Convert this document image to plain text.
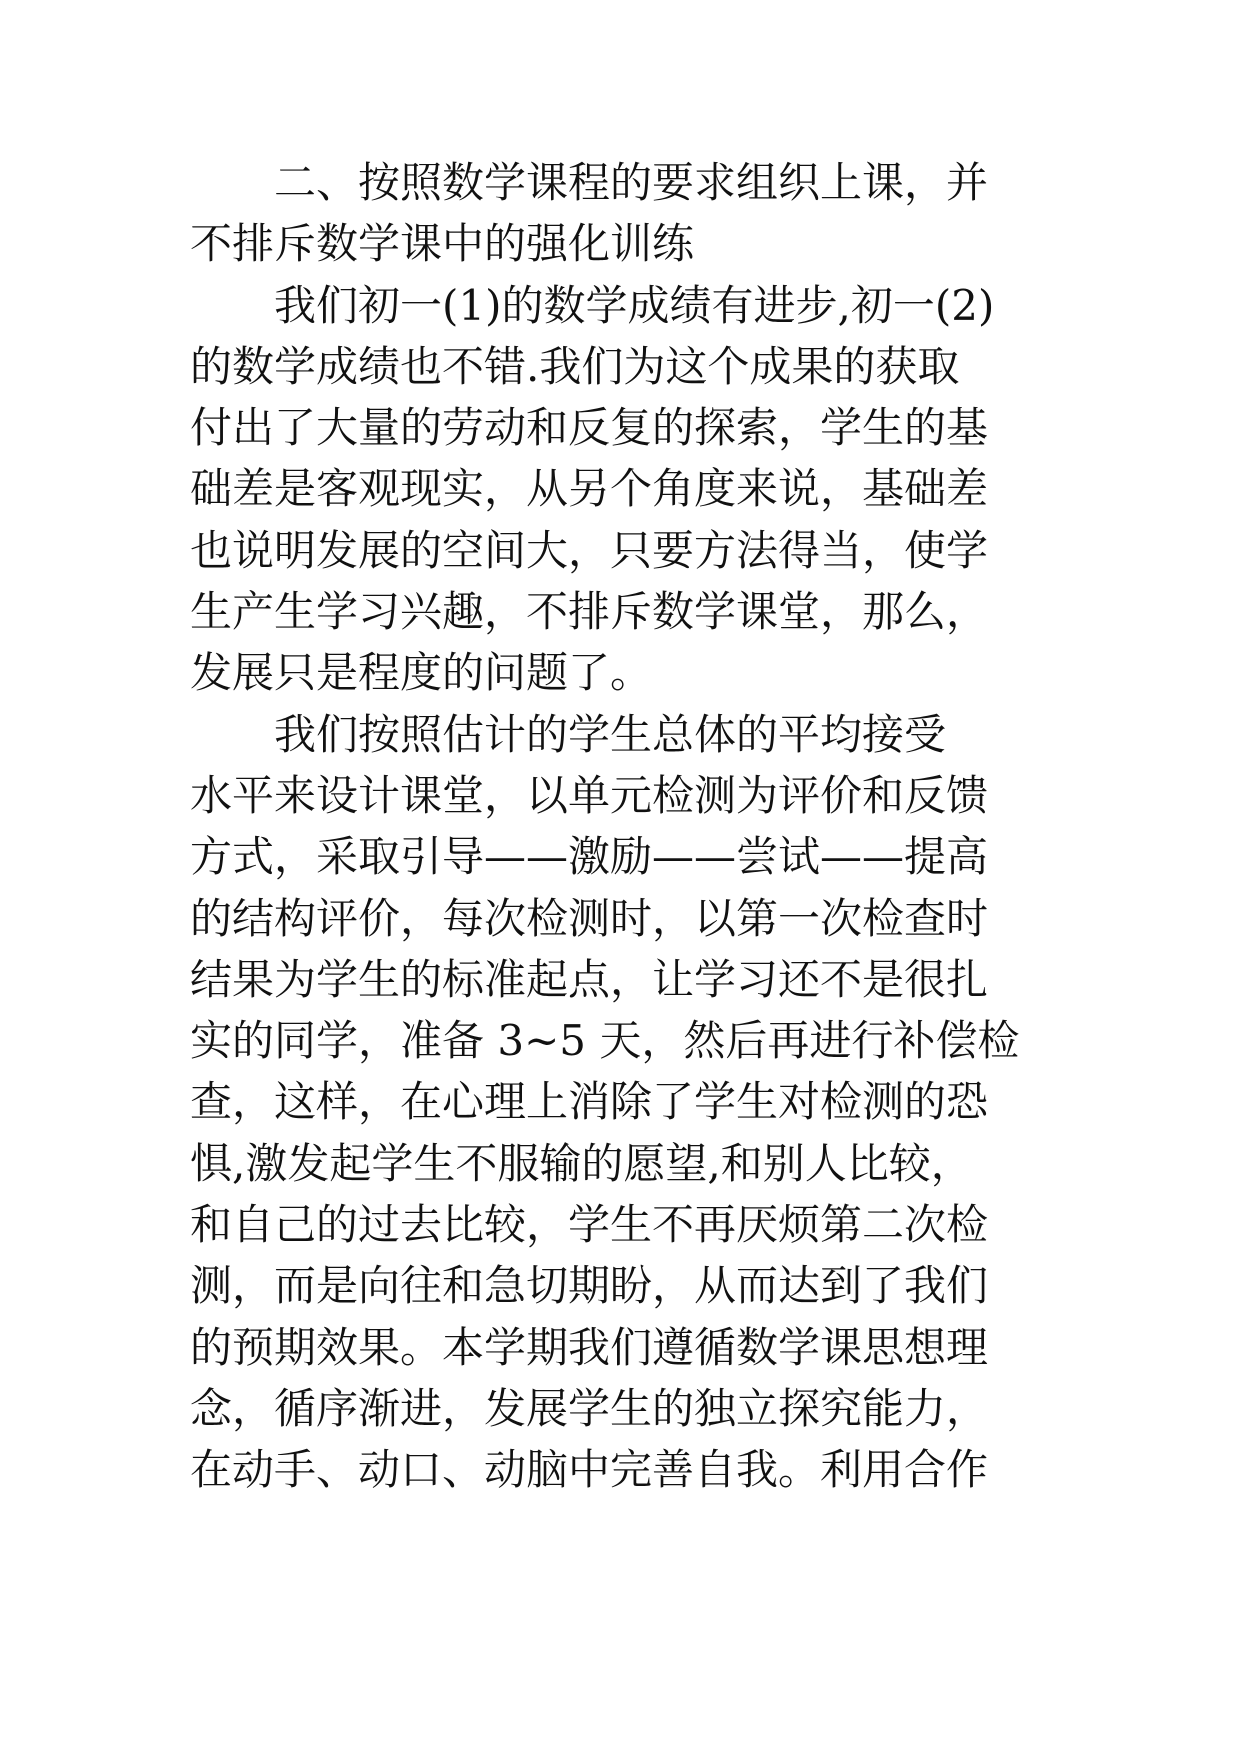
　　二、按照数学课程的要求组织上课，并
不排斥数学课中的强化训练
　　我们初一(1)的数学成绩有进步,初一(2)
的数学成绩也不错.我们为这个成果的获取
付出了大量的劳动和反复的探索，学生的基
础差是客观现实，从另个角度来说，基础差
也说明发展的空间大，只要方法得当，使学
生产生学习兴趣，不排斥数学课堂，那么，
发展只是程度的问题了。
　　我们按照估计的学生总体的平均接受
水平来设计课堂，以单元检测为评价和反馈
方式，采取引导——激励——尝试——提高
的结构评价，每次检测时，以第一次检查时
结果为学生的标准起点，让学习还不是很扎
实的同学，准备 3~5 天，然后再进行补偿检
查，这样，在心理上消除了学生对检测的恐
惧,激发起学生不服输的愿望,和别人比较，
和自己的过去比较，学生不再厌烦第二次检
测，而是向往和急切期盼，从而达到了我们
的预期效果。本学期我们遵循数学课思想理
念，循序渐进，发展学生的独立探究能力，
在动手、动口、动脑中完善自我。利用合作
